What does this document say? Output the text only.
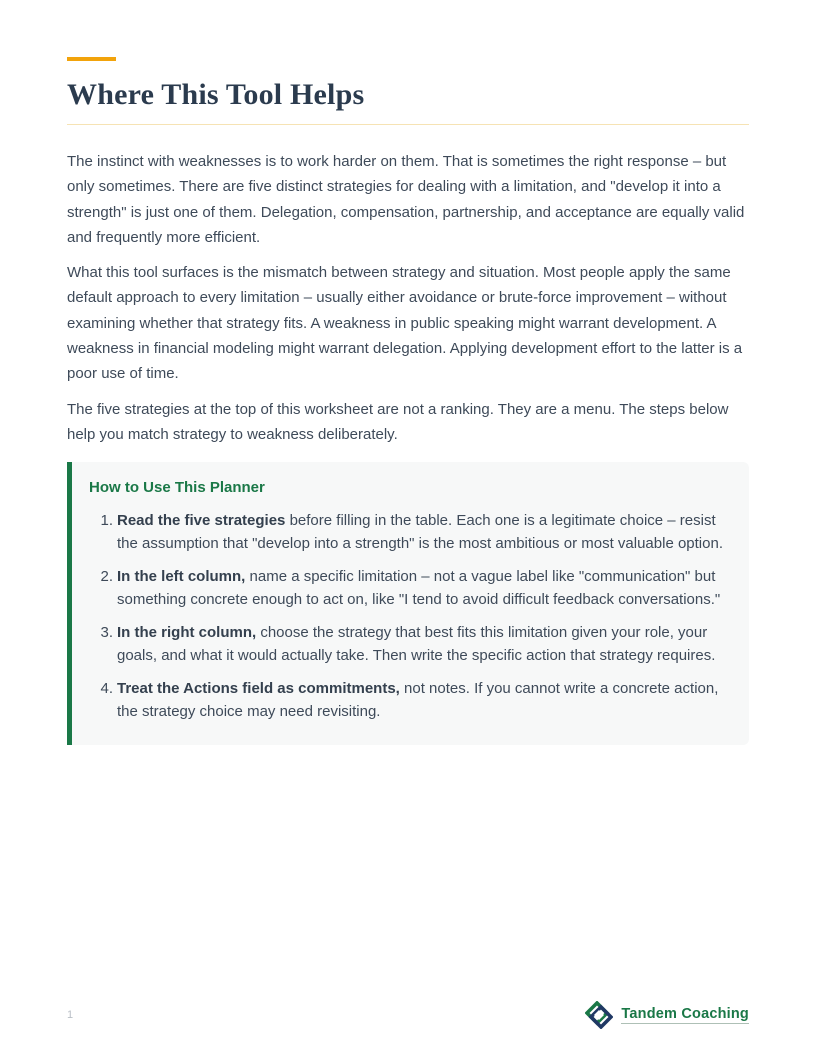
Where This Tool Helps

The instinct with weaknesses is to work harder on them. That is sometimes the right response – but only sometimes. There are five distinct strategies for dealing with a limitation, and "develop it into a strength" is just one of them. Delegation, compensation, partnership, and acceptance are equally valid and frequently more efficient.

What this tool surfaces is the mismatch between strategy and situation. Most people apply the same default approach to every limitation – usually either avoidance or brute-force improvement – without examining whether that strategy fits. A weakness in public speaking might warrant development. A weakness in financial modeling might warrant delegation. Applying development effort to the latter is a poor use of time.

The five strategies at the top of this worksheet are not a ranking. They are a menu. The steps below help you match strategy to weakness deliberately.

How to Use This Planner
1. Read the five strategies before filling in the table. Each one is a legitimate choice – resist the assumption that "develop into a strength" is the most ambitious or most valuable option.
2. In the left column, name a specific limitation – not a vague label like "communication" but something concrete enough to act on, like "I tend to avoid difficult feedback conversations."
3. In the right column, choose the strategy that best fits this limitation given your role, your goals, and what it would actually take. Then write the specific action that strategy requires.
4. Treat the Actions field as commitments, not notes. If you cannot write a concrete action, the strategy choice may need revisiting.
1	Tandem Coaching
